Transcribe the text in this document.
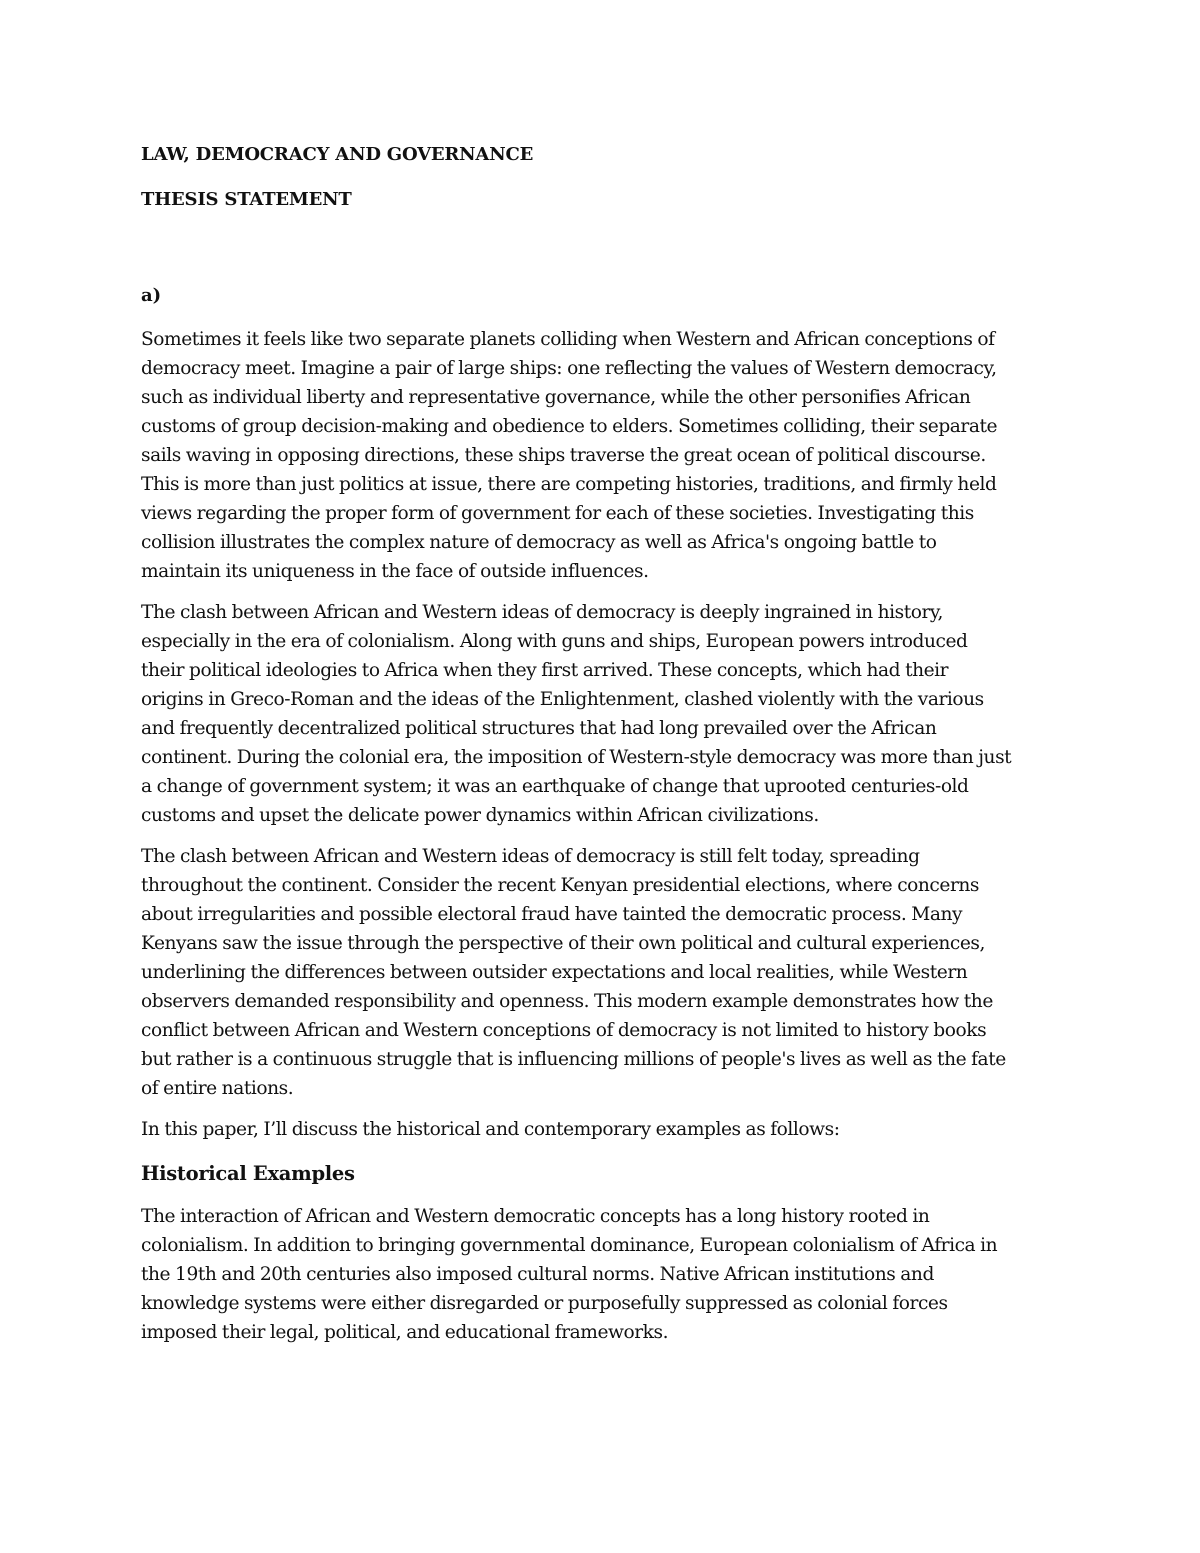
LAW, DEMOCRACY AND GOVERNANCE
THESIS STATEMENT
a)
Sometimes it feels like two separate planets colliding when Western and African conceptions of
democracy meet. Imagine a pair of large ships: one reflecting the values of Western democracy,
such as individual liberty and representative governance, while the other personifies African
customs of group decision-making and obedience to elders. Sometimes colliding, their separate
sails waving in opposing directions, these ships traverse the great ocean of political discourse.
This is more than just politics at issue, there are competing histories, traditions, and firmly held
views regarding the proper form of government for each of these societies. Investigating this
collision illustrates the complex nature of democracy as well as Africa's ongoing battle to
maintain its uniqueness in the face of outside influences.
The clash between African and Western ideas of democracy is deeply ingrained in history,
especially in the era of colonialism. Along with guns and ships, European powers introduced
their political ideologies to Africa when they first arrived. These concepts, which had their
origins in Greco-Roman and the ideas of the Enlightenment, clashed violently with the various
and frequently decentralized political structures that had long prevailed over the African
continent. During the colonial era, the imposition of Western-style democracy was more than just
a change of government system; it was an earthquake of change that uprooted centuries-old
customs and upset the delicate power dynamics within African civilizations.
The clash between African and Western ideas of democracy is still felt today, spreading
throughout the continent. Consider the recent Kenyan presidential elections, where concerns
about irregularities and possible electoral fraud have tainted the democratic process. Many
Kenyans saw the issue through the perspective of their own political and cultural experiences,
underlining the differences between outsider expectations and local realities, while Western
observers demanded responsibility and openness. This modern example demonstrates how the
conflict between African and Western conceptions of democracy is not limited to history books
but rather is a continuous struggle that is influencing millions of people's lives as well as the fate
of entire nations.
In this paper, I’ll discuss the historical and contemporary examples as follows:
Historical Examples
The interaction of African and Western democratic concepts has a long history rooted in
colonialism. In addition to bringing governmental dominance, European colonialism of Africa in
the 19th and 20th centuries also imposed cultural norms. Native African institutions and
knowledge systems were either disregarded or purposefully suppressed as colonial forces
imposed their legal, political, and educational frameworks.
